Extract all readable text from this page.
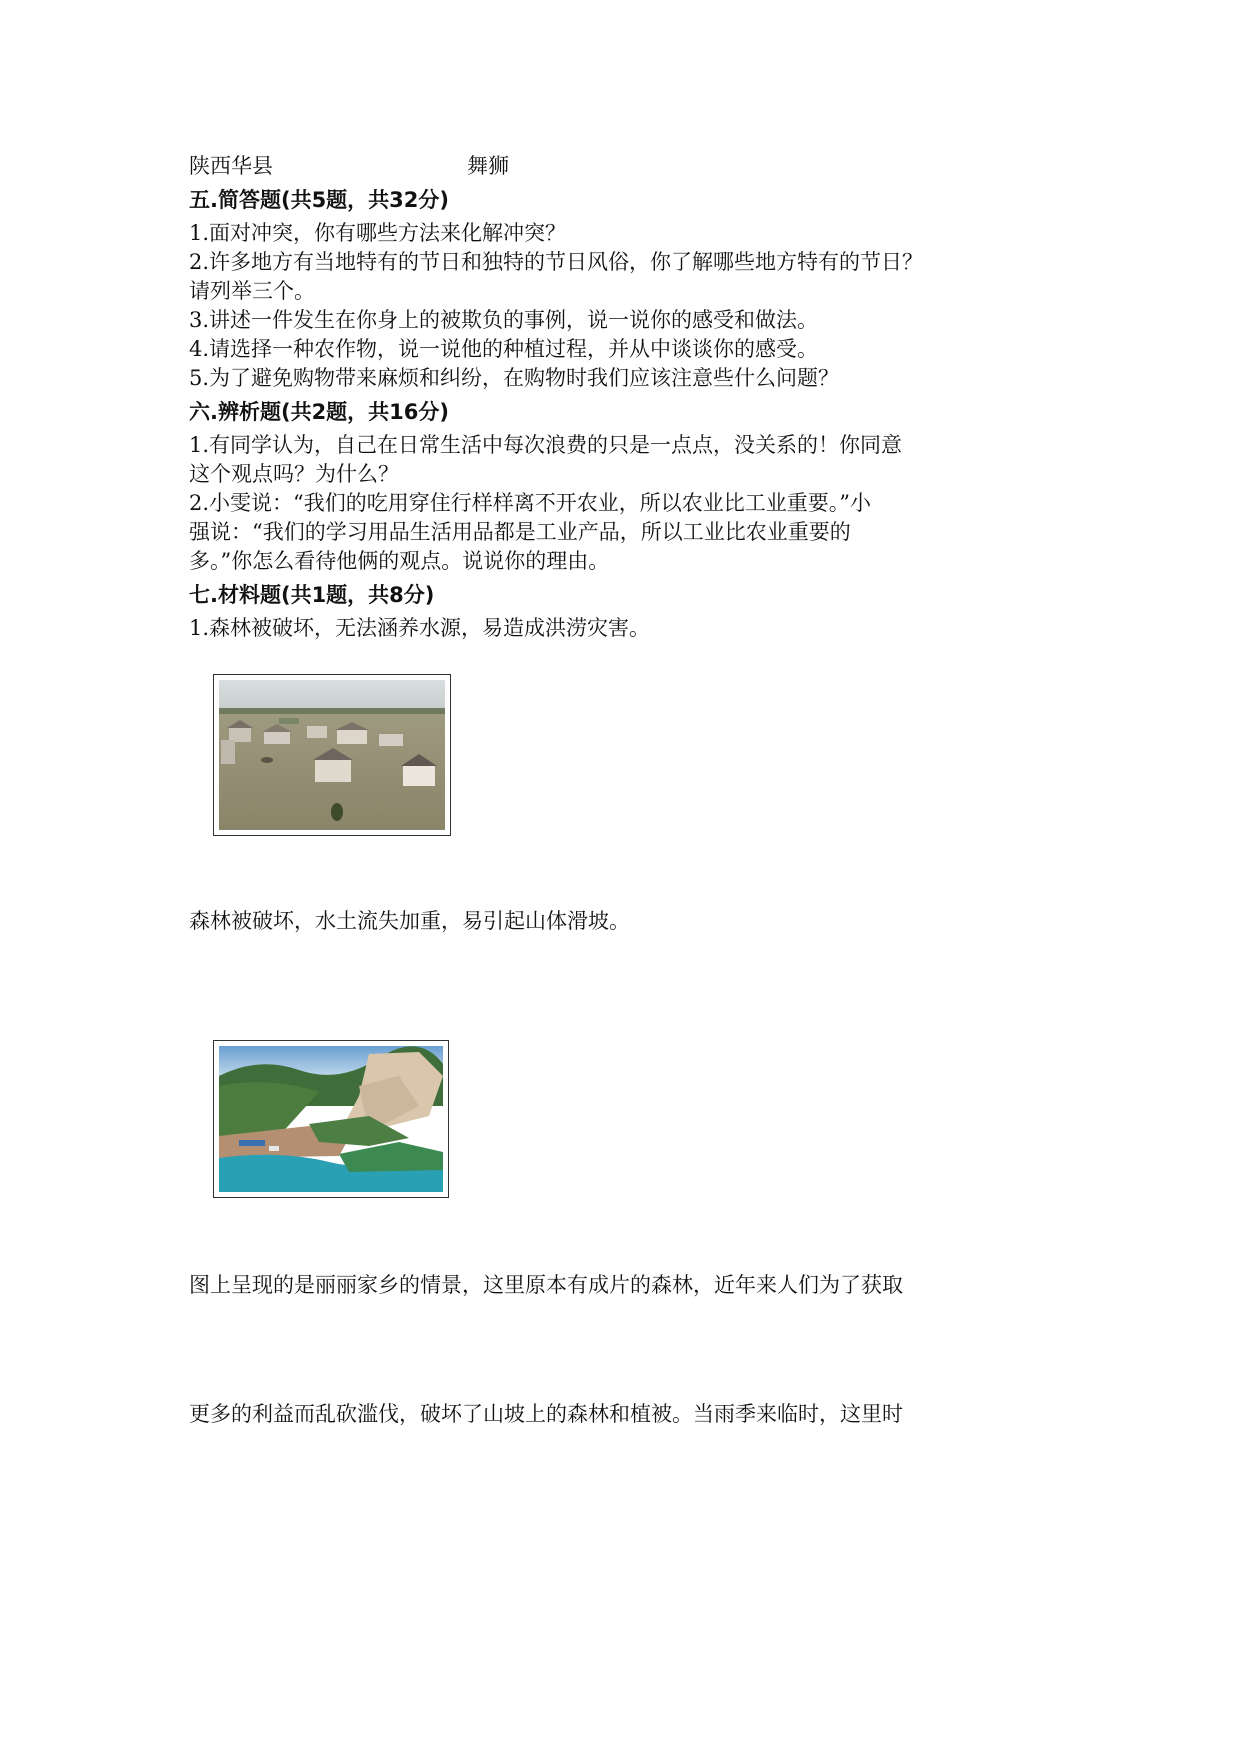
陕西华县	舞狮
五.简答题(共5题，共32分)
1.面对冲突，你有哪些方法来化解冲突？
2.许多地方有当地特有的节日和独特的节日风俗，你了解哪些地方特有的节日？
请列举三个。
3.讲述一件发生在你身上的被欺负的事例，说一说你的感受和做法。
4.请选择一种农作物，说一说他的种植过程，并从中谈谈你的感受。
5.为了避免购物带来麻烦和纠纷，在购物时我们应该注意些什么问题？
六.辨析题(共2题，共16分)
1.有同学认为，自己在日常生活中每次浪费的只是一点点，没关系的！你同意
这个观点吗？为什么？
2.小雯说：“我们的吃用穿住行样样离不开农业，所以农业比工业重要。”小
强说：“我们的学习用品生活用品都是工业产品，所以工业比农业重要的
多。”你怎么看待他俩的观点。说说你的理由。
七.材料题(共1题，共8分)
1.森林被破坏，无法涵养水源，易造成洪涝灾害。
森林被破坏，水土流失加重，易引起山体滑坡。
图上呈现的是丽丽家乡的情景，这里原本有成片的森林，近年来人们为了获取
更多的利益而乱砍滥伐，破坏了山坡上的森林和植被。当雨季来临时，这里时
